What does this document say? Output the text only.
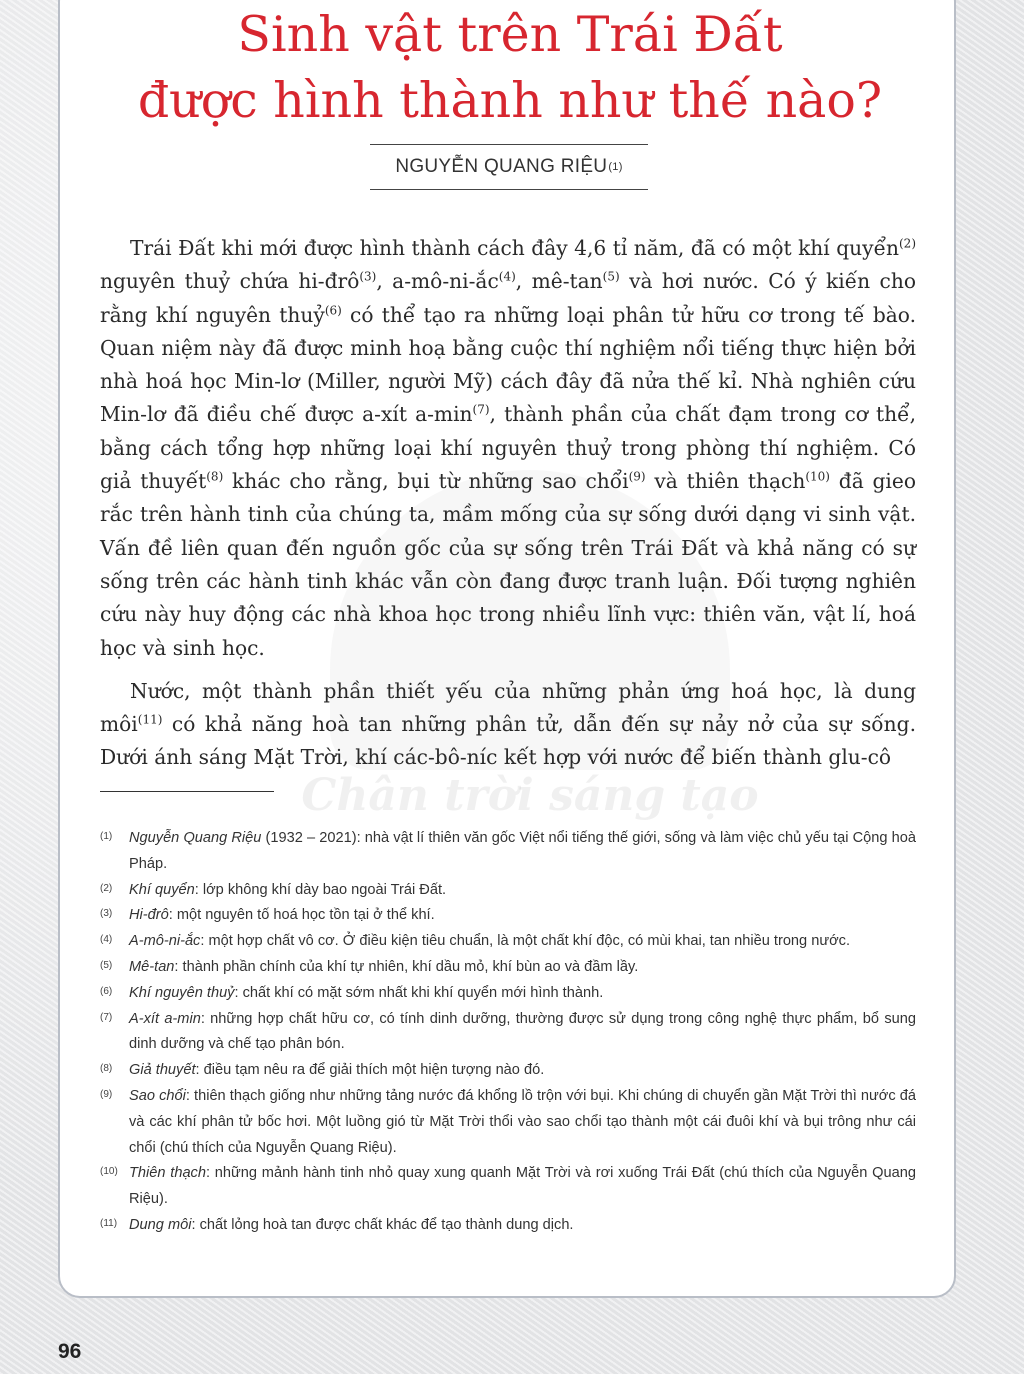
Sinh vật trên Trái Đất
được hình thành như thế nào?
NGUYỄN QUANG RIỆU (1)

Trái Đất khi mới được hình thành cách đây 4,6 tỉ năm, đã có một khí quyển$^{(2)}$ nguyên thuỷ chứa hi-đrô$^{(3)}$, a-mô-ni-ắc$^{(4)}$, $mê-\tan^{(5)}$ và hơi nước. Có ý kiến cho rằng khí nguyên thuỷ$^{(6)}$ có thể tạo ra những loại phân tử hữu cơ trong tế bào. Quan niệm này đã được minh hoạ bằng cuộc thí nghiệm nổi tiếng thực hiện bởi nhà hoá học Min-lơ (Miller, người Mỹ) cách đây đã nửa thế kỉ. Nhà nghiên cứu Min-lơ đã điều chế được a-xít $a-\min^{(7)}$, thành phần của chất đạm trong cơ thể, bằng cách tổng hợp những loại khí nguyên thuỷ trong phòng thí nghiệm. Có giả thuyết$^{(8)}$ khác cho rằng, bụi từ những sao chổi$^{(9)}$ và thiên thạch$^{(10)}$ đã gieo rắc trên hành tinh của chúng ta, mầm mống của sự sống dưới dạng vi sinh vật. Vấn đề liên quan đến nguồn gốc của sự sống trên Trái Đất và khả năng có sự sống trên các hành tinh khác vẫn còn đang được tranh luận. Đối tượng nghiên cứu này huy động các nhà khoa học trong nhiều lĩnh vực: thiên văn, vật lí, hoá học và sinh học.

Nước, một thành phần thiết yếu của những phản ứng hoá học, là dung môi$^{(11)}$ có khả năng hoà tan những phân tử, dẫn đến sự nảy nở của sự sống. Dưới ánh sáng Mặt Trời, khí các-bô-níc kết hợp với nước để biến thành glu-cô

(1)	Nguyễn Quang Riệu (1932 – 2021): nhà vật lí thiên văn gốc Việt nổi tiếng thế giới, sống và làm việc chủ yếu tại Cộng hoà Pháp.
(2)	Khí quyển: lớp không khí dày bao ngoài Trái Đất.
(3)	Hi-đrô: một nguyên tố hoá học tồn tại ở thể khí.
(4)	A-mô-ni-ắc: một hợp chất vô cơ. Ở điều kiện tiêu chuẩn, là một chất khí độc, có mùi khai, tan nhiều trong nước.
(5)	Mê-tan: thành phần chính của khí tự nhiên, khí dầu mỏ, khí bùn ao và đầm lầy.
(6)	Khí nguyên thuỷ: chất khí có mặt sớm nhất khi khí quyển mới hình thành.
(7)	A-xít a-min: những hợp chất hữu cơ, có tính dinh dưỡng, thường được sử dụng trong công nghệ thực phẩm, bổ sung dinh dưỡng và chế tạo phân bón.
(8)	Giả thuyết: điều tạm nêu ra để giải thích một hiện tượng nào đó.
(9)	Sao chổi: thiên thạch giống như những tảng nước đá khổng lồ trộn với bụi. Khi chúng di chuyển gần Mặt Trời thì nước đá và các khí phân tử bốc hơi. Một luồng gió từ Mặt Trời thổi vào sao chổi tạo thành một cái đuôi khí và bụi trông như cái chổi (chú thích của Nguyễn Quang Riệu).
(10) Thiên thạch: những mảnh hành tinh nhỏ quay xung quanh Mặt Trời và rơi xuống Trái Đất (chú thích của Nguyễn Quang Riệu).
(11) Dung môi: chất lỏng hoà tan được chất khác để tạo thành dung dịch.
96
